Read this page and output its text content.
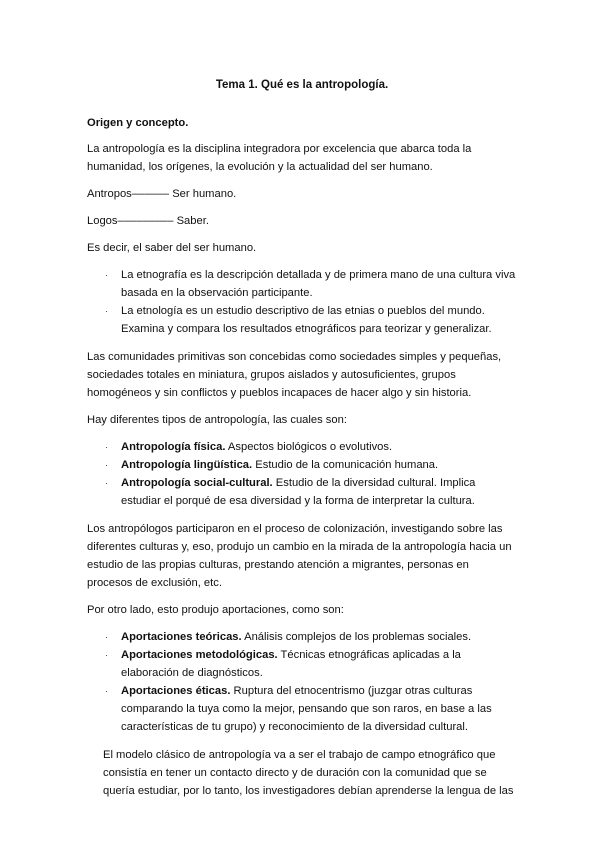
Tema 1. Qué es la antropología.
Origen y concepto.

La antropología es la disciplina integradora por excelencia que abarca toda la humanidad, los orígenes, la evolución y la actualidad del ser humano.

Antropos–––––– Ser humano.

Logos––––––––– Saber.

Es decir, el saber del ser humano.

· La etnografía es la descripción detallada y de primera mano de una cultura viva basada en la observación participante.
· La etnología es un estudio descriptivo de las etnias o pueblos del mundo. Examina y compara los resultados etnográficos para teorizar y generalizar.

Las comunidades primitivas son concebidas como sociedades simples y pequeñas, sociedades totales en miniatura, grupos aislados y autosuficientes, grupos homogéneos y sin conflictos y pueblos incapaces de hacer algo y sin historia.

Hay diferentes tipos de antropología, las cuales son:

· Antropología física. Aspectos biológicos o evolutivos.
· Antropología lingüística. Estudio de la comunicación humana.
· Antropología social-cultural. Estudio de la diversidad cultural. Implica estudiar el porqué de esa diversidad y la forma de interpretar la cultura.

Los antropólogos participaron en el proceso de colonización, investigando sobre las diferentes culturas y, eso, produjo un cambio en la mirada de la antropología hacia un estudio de las propias culturas, prestando atención a migrantes, personas en procesos de exclusión, etc.

Por otro lado, esto produjo aportaciones, como son:

· Aportaciones teóricas. Análisis complejos de los problemas sociales.
· Aportaciones metodológicas. Técnicas etnográficas aplicadas a la elaboración de diagnósticos.
· Aportaciones éticas. Ruptura del etnocentrismo (juzgar otras culturas comparando la tuya como la mejor, pensando que son raros, en base a las características de tu grupo) y reconocimiento de la diversidad cultural.

El modelo clásico de antropología va a ser el trabajo de campo etnográfico que consistía en tener un contacto directo y de duración con la comunidad que se quería estudiar, por lo tanto, los investigadores debían aprenderse la lengua de las
